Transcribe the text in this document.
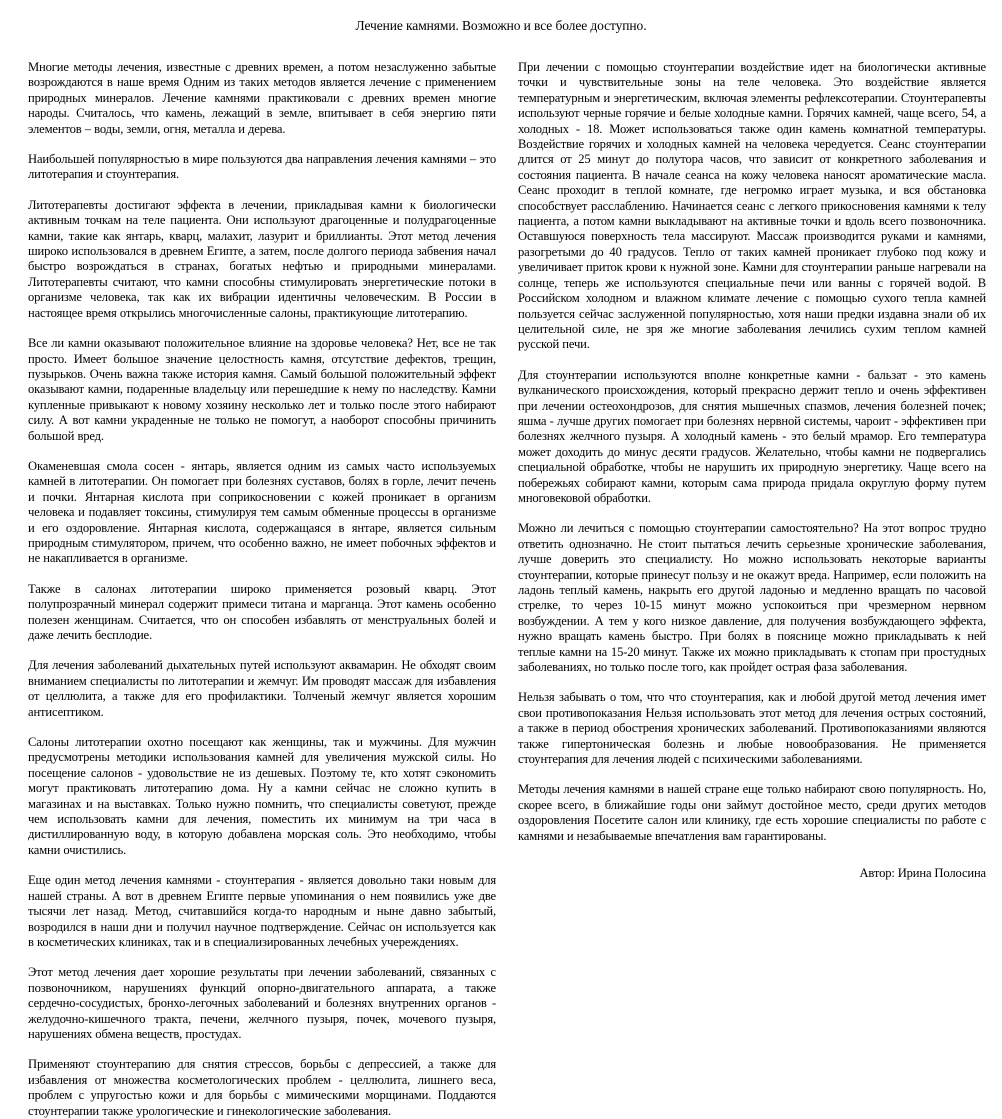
Лечение камнями. Возможно и все более доступно.

Многие методы лечения, известные с древних времен, а потом незаслуженно забытые возрождаются в наше время Одним из таких методов является лечение с применением природных минералов. Лечение камнями практиковали с древних времен многие народы. Считалось, что камень, лежащий в земле, впитывает в себя энергию пяти элементов – воды, земли, огня, металла и дерева.

Наибольшей популярностью в мире пользуются два направления лечения камнями – это литотерапия и стоунтерапия.

Литотерапевты достигают эффекта в лечении, прикладывая камни к биологически активным точкам на теле пациента. Они используют драгоценные и полудрагоценные камни, такие как янтарь, кварц, малахит, лазурит и бриллианты. Этот метод лечения широко использовался в древнем Египте, а затем, после долгого периода забвения начал быстро возрождаться в странах, богатых нефтью и природными минералами. Литотерапевты считают, что камни способны стимулировать энергетические потоки в организме человека, так как их вибрации идентичны человеческим. В России в настоящее время открылись многочисленные салоны, практикующие литотерапию.

Все ли камни оказывают положительное влияние на здоровье человека? Нет, все не так просто. Имеет большое значение целостность камня, отсутствие дефектов, трещин, пузырьков. Очень важна также история камня. Самый большой положительный эффект оказывают камни, подаренные владельцу или перешедшие к нему по наследству. Камни купленные привыкают к новому хозяину несколько лет и только после этого набирают силу. А вот камни украденные не только не помогут, а наоборот способны причинить большой вред.

Окаменевшая смола сосен - янтарь, является одним из самых часто используемых камней в литотерапии. Он помогает при болезнях суставов, болях в горле, лечит печень и почки. Янтарная кислота при соприкосновении с кожей проникает в организм человека и подавляет токсины, стимулируя тем самым обменные процессы в организме и его оздоровление. Янтарная кислота, содержащаяся в янтаре, является сильным природным стимулятором, причем, что особенно важно, не имеет побочных эффектов и не накапливается в организме.

Также в салонах литотерапии широко применяется розовый кварц. Этот полупрозрачный минерал содержит примеси титана и марганца. Этот камень особенно полезен женщинам. Считается, что он способен избавлять от менструальных болей и даже лечить бесплодие.

Для лечения заболеваний дыхательных путей используют аквамарин. Не обходят своим вниманием специалисты по литотерапии и жемчуг. Им проводят массаж для избавления от целлюлита, а также для его профилактики. Толченый жемчуг является хорошим антисептиком.

Салоны литотерапии охотно посещают как женщины, так и мужчины. Для мужчин предусмотрены методики использования камней для увеличения мужской силы. Но посещение салонов - удовольствие не из дешевых. Поэтому те, кто хотят сэкономить могут практиковать литотерапию дома. Ну а камни сейчас не сложно купить в магазинах и на выставках. Только нужно помнить, что специалисты советуют, прежде чем использовать камни для лечения, поместить их минимум на три часа в дистиллированную воду, в которую добавлена морская соль. Это необходимо, чтобы камни очистились.

Еще один метод лечения камнями - стоунтерапия - является довольно таки новым для нашей страны. А вот в древнем Египте первые упоминания о нем появились уже две тысячи лет назад. Метод, считавшийся когда-то народным и ныне давно забытый, возродился в наши дни и получил научное подтверждение. Сейчас он используется как в косметических клиниках, так и в специализированных лечебных учереждениях.

Этот метод лечения дает хорошие результаты при лечении заболеваний, связанных с позвоночником, нарушениях функций опорно-двигательного аппарата, а также сердечно-сосудистых, бронхо-легочных заболеваний и болезнях внутренних органов - желудочно-кишечного тракта, печени, желчного пузыря, почек, мочевого пузыря, нарушениях обмена веществ, простудах.

Применяют стоунтерапию для снятия стрессов, борьбы с депрессией, а также для избавления от множества косметологических проблем - целлюлита, лишнего веса, проблем с упругостью кожи и для борьбы с мимическими морщинами. Поддаются стоунтерапии также урологические и гинекологические заболевания.

При лечении с помощью стоунтерапии воздействие идет на биологически активные точки и чувствительные зоны на теле человека. Это воздействие является температурным и энергетическим, включая элементы рефлексотерапии. Стоунтерапевты используют черные горячие и белые холодные камни. Горячих камней, чаще всего, 54, а холодных - 18. Может использоваться также один камень комнатной температуры. Воздействие горячих и холодных камней на человека чередуется. Сеанс стоунтерапии длится от 25 минут до полутора часов, что зависит от конкретного заболевания и состояния пациента. В начале сеанса на кожу человека наносят ароматические масла. Сеанс проходит в теплой комнате, где негромко играет музыка, и вся обстановка способствует расслаблению. Начинается сеанс с легкого прикосновения камнями к телу пациента, а потом камни выкладывают на активные точки и вдоль всего позвоночника. Оставшуюся поверхность тела массируют. Массаж производится руками и камнями, разогретыми до 40 градусов. Тепло от таких камней проникает глубоко под кожу и увеличивает приток крови к нужной зоне. Камни для стоунтерапии раньше нагревали на солнце, теперь же используются специальные печи или ванны с горячей водой. В Российском холодном и влажном климате лечение с помощью сухого тепла камней пользуется сейчас заслуженной популярностью, хотя наши предки издавна знали об их целительной силе, не зря же многие заболевания лечились сухим теплом камней русской печи.

Для стоунтерапии используются вполне конкретные камни - бальзат - это камень вулканического происхождения, который прекрасно держит тепло и очень эффективен при лечении остеохондрозов, для снятия мышечных спазмов, лечения болезней почек; яшма - лучше других помогает при болезнях нервной системы, чароит - эффективен при болезнях желчного пузыря. А холодный камень - это белый мрамор. Его температура может доходить до минус десяти градусов. Желательно, чтобы камни не подвергались специальной обработке, чтобы не нарушить их природную энергетику. Чаще всего на побережьях собирают камни, которым сама природа придала округлую форму путем многовековой обработки.

Можно ли лечиться с помощью стоунтерапии самостоятельно? На этот вопрос трудно ответить однозначно. Не стоит пытаться лечить серьезные хронические заболевания, лучше доверить это специалисту. Но можно использовать некоторые варианты стоунтерапии, которые принесут пользу и не окажут вреда. Например, если положить на ладонь теплый камень, накрыть его другой ладонью и медленно вращать по часовой стрелке, то через 10-15 минут можно успокоиться при чрезмерном нервном возбуждении. А тем у кого низкое давление, для получения возбуждающего эффекта, нужно вращать камень быстро. При болях в пояснице можно прикладывать к ней теплые камни на 15-20 минут. Также их можно прикладывать к стопам при простудных заболеваниях, но только после того, как пройдет острая фаза заболевания.

Нельзя забывать о том, что что стоунтерапия, как и любой другой метод лечения имет свои противопоказания Нельзя использовать этот метод для лечения острых состояний, а также в период обострения хронических заболеваний. Противопоказаниями являются также гипертоническая болезнь и любые новообразования. Не применяется стоунтерапия для лечения людей с психическими заболеваниями.

Методы лечения камнями в нашей стране еще только набирают свою популярность. Но, скорее всего, в ближайшие годы они займут достойное место, среди других методов оздоровления Посетите салон или клинику, где есть хорошие специалисты по работе с камнями и незабываемые впечатления вам гарантированы.

Автор: Ирина Полосина
